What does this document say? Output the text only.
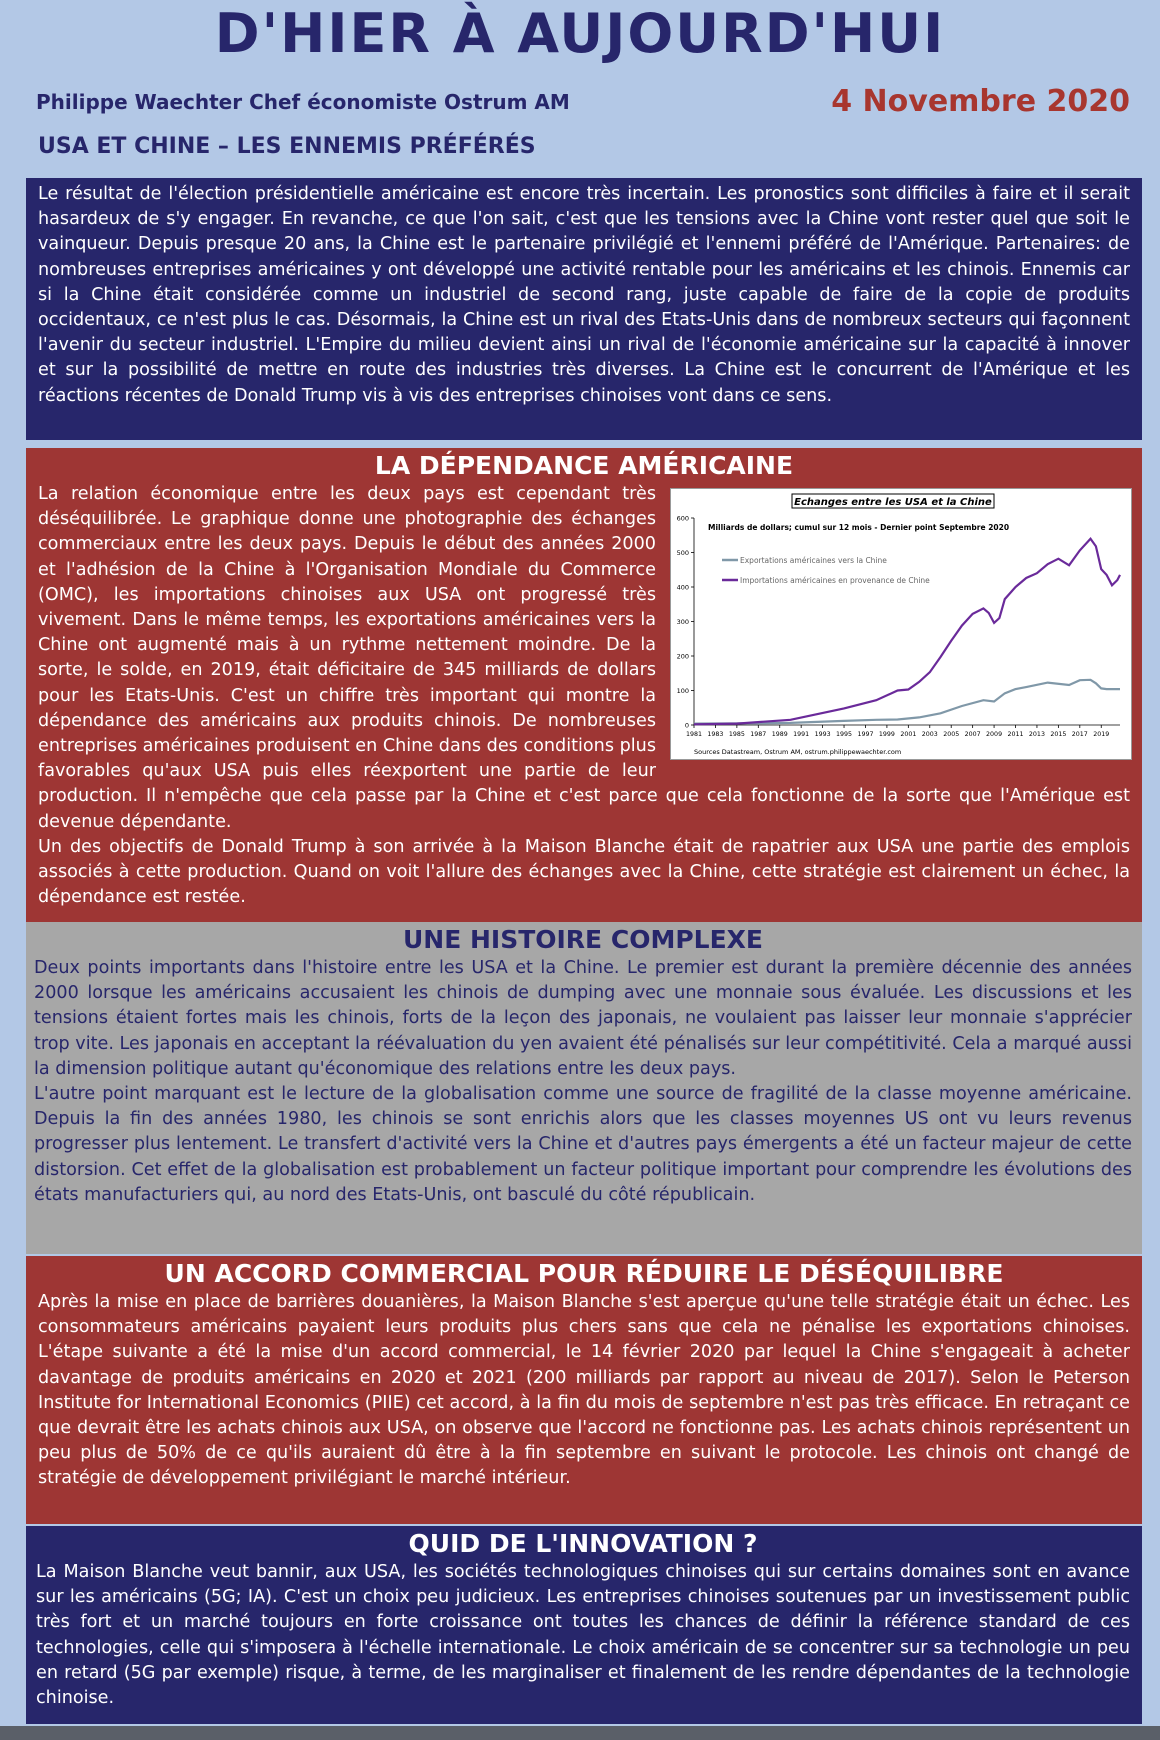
D'HIER À AUJOURD'HUI
Philippe Waechter Chef économiste Ostrum AM	4 Novembre 2020
USA ET CHINE – LES ENNEMIS PRÉFÉRÉS

Le résultat de l'élection présidentielle américaine est encore très incertain. Les pronostics sont difficiles à faire et il serait hasardeux de s'y engager. En revanche, ce que l'on sait, c'est que les tensions avec la Chine vont rester quel que soit le vainqueur. Depuis presque 20 ans, la Chine est le partenaire privilégié et l'ennemi préféré de l'Amérique. Partenaires: de nombreuses entreprises américaines y ont développé une activité rentable pour les américains et les chinois. Ennemis car si la Chine était considérée comme un industriel de second rang, juste capable de faire de la copie de produits occidentaux, ce n'est plus le cas. Désormais, la Chine est un rival des Etats-Unis dans de nombreux secteurs qui façonnent l'avenir du secteur industriel. L'Empire du milieu devient ainsi un rival de l'économie américaine sur la capacité à innover et sur la possibilité de mettre en route des industries très diverses. La Chine est le concurrent de l'Amérique et les réactions récentes de Donald Trump vis à vis des entreprises chinoises vont dans ce sens.

LA DÉPENDANCE AMÉRICAINE
Echanges entre les USA et la Chine
Milliards de dollars; cumul sur 12 mois - Dernier point Septembre 2020
Exportations américaines vers la Chine
Importations américaines en provenance de Chine
0
100
200
300
400
500
600
1981 1983 1985 1987 1989 1991 1993 1995 1997 1999 2001 2003 2005 2007 2009 2011 2013 2015 2017 2019
Sources Datastream, Ostrum AM, ostrum.philippewaechter.com

La relation économique entre les deux pays est cependant très déséquilibrée. Le graphique donne une photographie des échanges commerciaux entre les deux pays. Depuis le début des années 2000 et l'adhésion de la Chine à l'Organisation Mondiale du Commerce (OMC), les importations chinoises aux USA ont progressé très vivement. Dans le même temps, les exportations américaines vers la Chine ont augmenté mais à un rythme nettement moindre. De la sorte, le solde, en 2019, était déficitaire de 345 milliards de dollars pour les Etats-Unis. C'est un chiffre très important qui montre la dépendance des américains aux produits chinois. De nombreuses entreprises américaines produisent en Chine dans des conditions plus favorables qu'aux USA puis elles réexportent une partie de leur production. Il n'empêche que cela passe par la Chine et c'est parce que cela fonctionne de la sorte que l'Amérique est devenue dépendante.

Un des objectifs de Donald Trump à son arrivée à la Maison Blanche était de rapatrier aux USA une partie des emplois associés à cette production. Quand on voit l'allure des échanges avec la Chine, cette stratégie est clairement un échec, la dépendance est restée.

UNE HISTOIRE COMPLEXE

Deux points importants dans l'histoire entre les USA et la Chine. Le premier est durant la première décennie des années 2000 lorsque les américains accusaient les chinois de dumping avec une monnaie sous évaluée. Les discussions et les tensions étaient fortes mais les chinois, forts de la leçon des japonais, ne voulaient pas laisser leur monnaie s'apprécier trop vite. Les japonais en acceptant la réévaluation du yen avaient été pénalisés sur leur compétitivité. Cela a marqué aussi la dimension politique autant qu'économique des relations entre les deux pays.

L'autre point marquant est le lecture de la globalisation comme une source de fragilité de la classe moyenne américaine. Depuis la fin des années 1980, les chinois se sont enrichis alors que les classes moyennes US ont vu leurs revenus progresser plus lentement. Le transfert d'activité vers la Chine et d'autres pays émergents a été un facteur majeur de cette distorsion. Cet effet de la globalisation est probablement un facteur politique important pour comprendre les évolutions des états manufacturiers qui, au nord des Etats-Unis, ont basculé du côté républicain.

UN ACCORD COMMERCIAL POUR RÉDUIRE LE DÉSÉQUILIBRE

Après la mise en place de barrières douanières, la Maison Blanche s'est aperçue qu'une telle stratégie était un échec. Les consommateurs américains payaient leurs produits plus chers sans que cela ne pénalise les exportations chinoises. L'étape suivante a été la mise d'un accord commercial, le 14 février 2020 par lequel la Chine s'engageait à acheter davantage de produits américains en 2020 et 2021 (200 milliards par rapport au niveau de 2017). Selon le Peterson Institute for International Economics (PIIE) cet accord, à la fin du mois de septembre n'est pas très efficace. En retraçant ce que devrait être les achats chinois aux USA, on observe que l'accord ne fonctionne pas. Les achats chinois représentent un peu plus de 50% de ce qu'ils auraient dû être à la fin septembre en suivant le protocole. Les chinois ont changé de stratégie de développement privilégiant le marché intérieur.

QUID DE L'INNOVATION ?

La Maison Blanche veut bannir, aux USA, les sociétés technologiques chinoises qui sur certains domaines sont en avance sur les américains (5G; IA). C'est un choix peu judicieux. Les entreprises chinoises soutenues par un investissement public très fort et un marché toujours en forte croissance ont toutes les chances de définir la référence standard de ces technologies, celle qui s'imposera à l'échelle internationale. Le choix américain de se concentrer sur sa technologie un peu en retard (5G par exemple) risque, à terme, de les marginaliser et finalement de les rendre dépendantes de la technologie chinoise.
